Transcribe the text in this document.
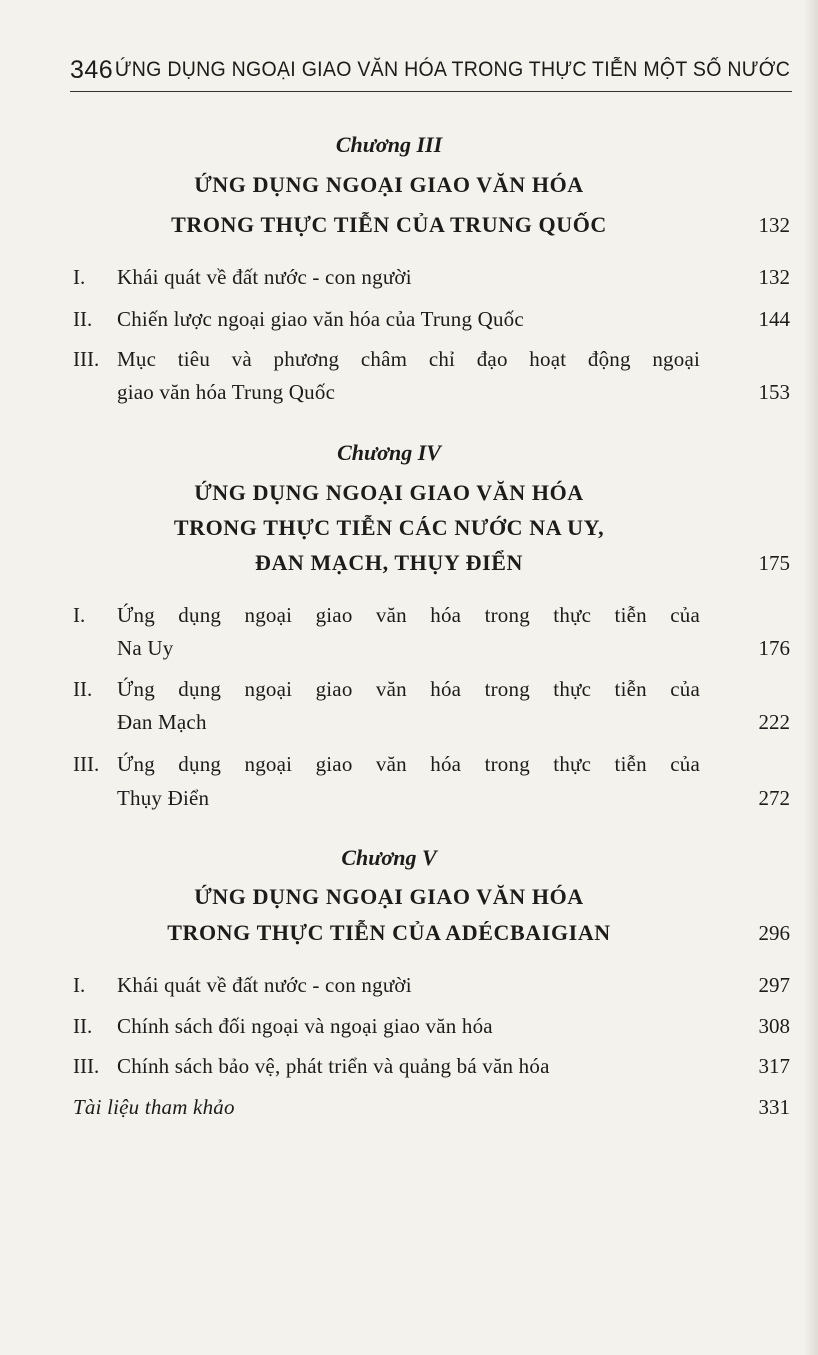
346 ỨNG DỤNG NGOẠI GIAO VĂN HÓA TRONG THỰC TIỄN MỘT SỐ NƯỚC
Chương III
ỨNG DỤNG NGOẠI GIAO VĂN HÓA
TRONG THỰC TIỄN CỦA TRUNG QUỐC	132
I. Khái quát về đất nước - con người	132
II. Chiến lược ngoại giao văn hóa của Trung Quốc	144
III. Mục tiêu và phương châm chỉ đạo hoạt động ngoại
giao văn hóa Trung Quốc	153
Chương IV
ỨNG DỤNG NGOẠI GIAO VĂN HÓA
TRONG THỰC TIỄN CÁC NƯỚC NA UY,
ĐAN MẠCH, THỤY ĐIỂN	175
I. Ứng dụng ngoại giao văn hóa trong thực tiễn của
Na Uy	176
II. Ứng dụng ngoại giao văn hóa trong thực tiễn của
Đan Mạch	222
III. Ứng dụng ngoại giao văn hóa trong thực tiễn của
Thụy Điển	272
Chương V
ỨNG DỤNG NGOẠI GIAO VĂN HÓA
TRONG THỰC TIỄN CỦA ADÉCBAIGIAN	296
I. Khái quát về đất nước - con người	297
II. Chính sách đối ngoại và ngoại giao văn hóa	308
III. Chính sách bảo vệ, phát triển và quảng bá văn hóa	317
Tài liệu tham khảo	331
